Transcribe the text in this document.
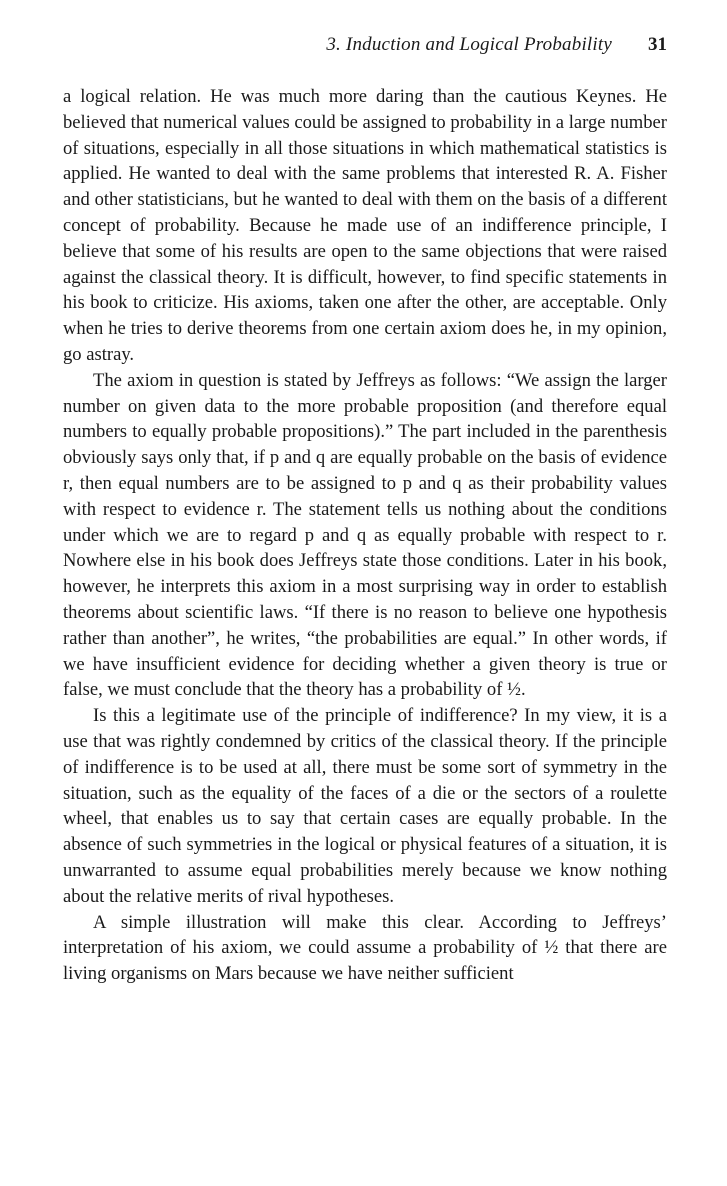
3. Induction and Logical Probability 31

a logical relation. He was much more daring than the cautious Keynes. He believed that numerical values could be assigned to probability in a large number of situations, especially in all those situations in which mathematical statistics is applied. He wanted to deal with the same problems that interested R. A. Fisher and other statisticians, but he wanted to deal with them on the basis of a different concept of probability. Because he made use of an indifference principle, I believe that some of his results are open to the same objections that were raised against the classical theory. It is difficult, however, to find specific statements in his book to criticize. His axioms, taken one after the other, are acceptable. Only when he tries to derive theorems from one certain axiom does he, in my opinion, go astray.

The axiom in question is stated by Jeffreys as follows: “We assign the larger number on given data to the more probable proposition (and therefore equal numbers to equally probable propositions).” The part included in the parenthesis obviously says only that, if p and q are equally probable on the basis of evidence r, then equal numbers are to be assigned to p and q as their probability values with respect to evidence r. The statement tells us nothing about the conditions under which we are to regard p and q as equally probable with respect to r. Nowhere else in his book does Jeffreys state those conditions. Later in his book, however, he interprets this axiom in a most surprising way in order to establish theorems about scientific laws. “If there is no reason to believe one hypothesis rather than another”, he writes, “the probabilities are equal.” In other words, if we have insufficient evidence for deciding whether a given theory is true or false, we must conclude that the theory has a probability of ½.

Is this a legitimate use of the principle of indifference? In my view, it is a use that was rightly condemned by critics of the classical theory. If the principle of indifference is to be used at all, there must be some sort of symmetry in the situation, such as the equality of the faces of a die or the sectors of a roulette wheel, that enables us to say that certain cases are equally probable. In the absence of such symmetries in the logical or physical features of a situation, it is unwarranted to assume equal probabilities merely because we know nothing about the relative merits of rival hypotheses.

A simple illustration will make this clear. According to Jeffreys’ interpretation of his axiom, we could assume a probability of ½ that there are living organisms on Mars because we have neither sufficient
